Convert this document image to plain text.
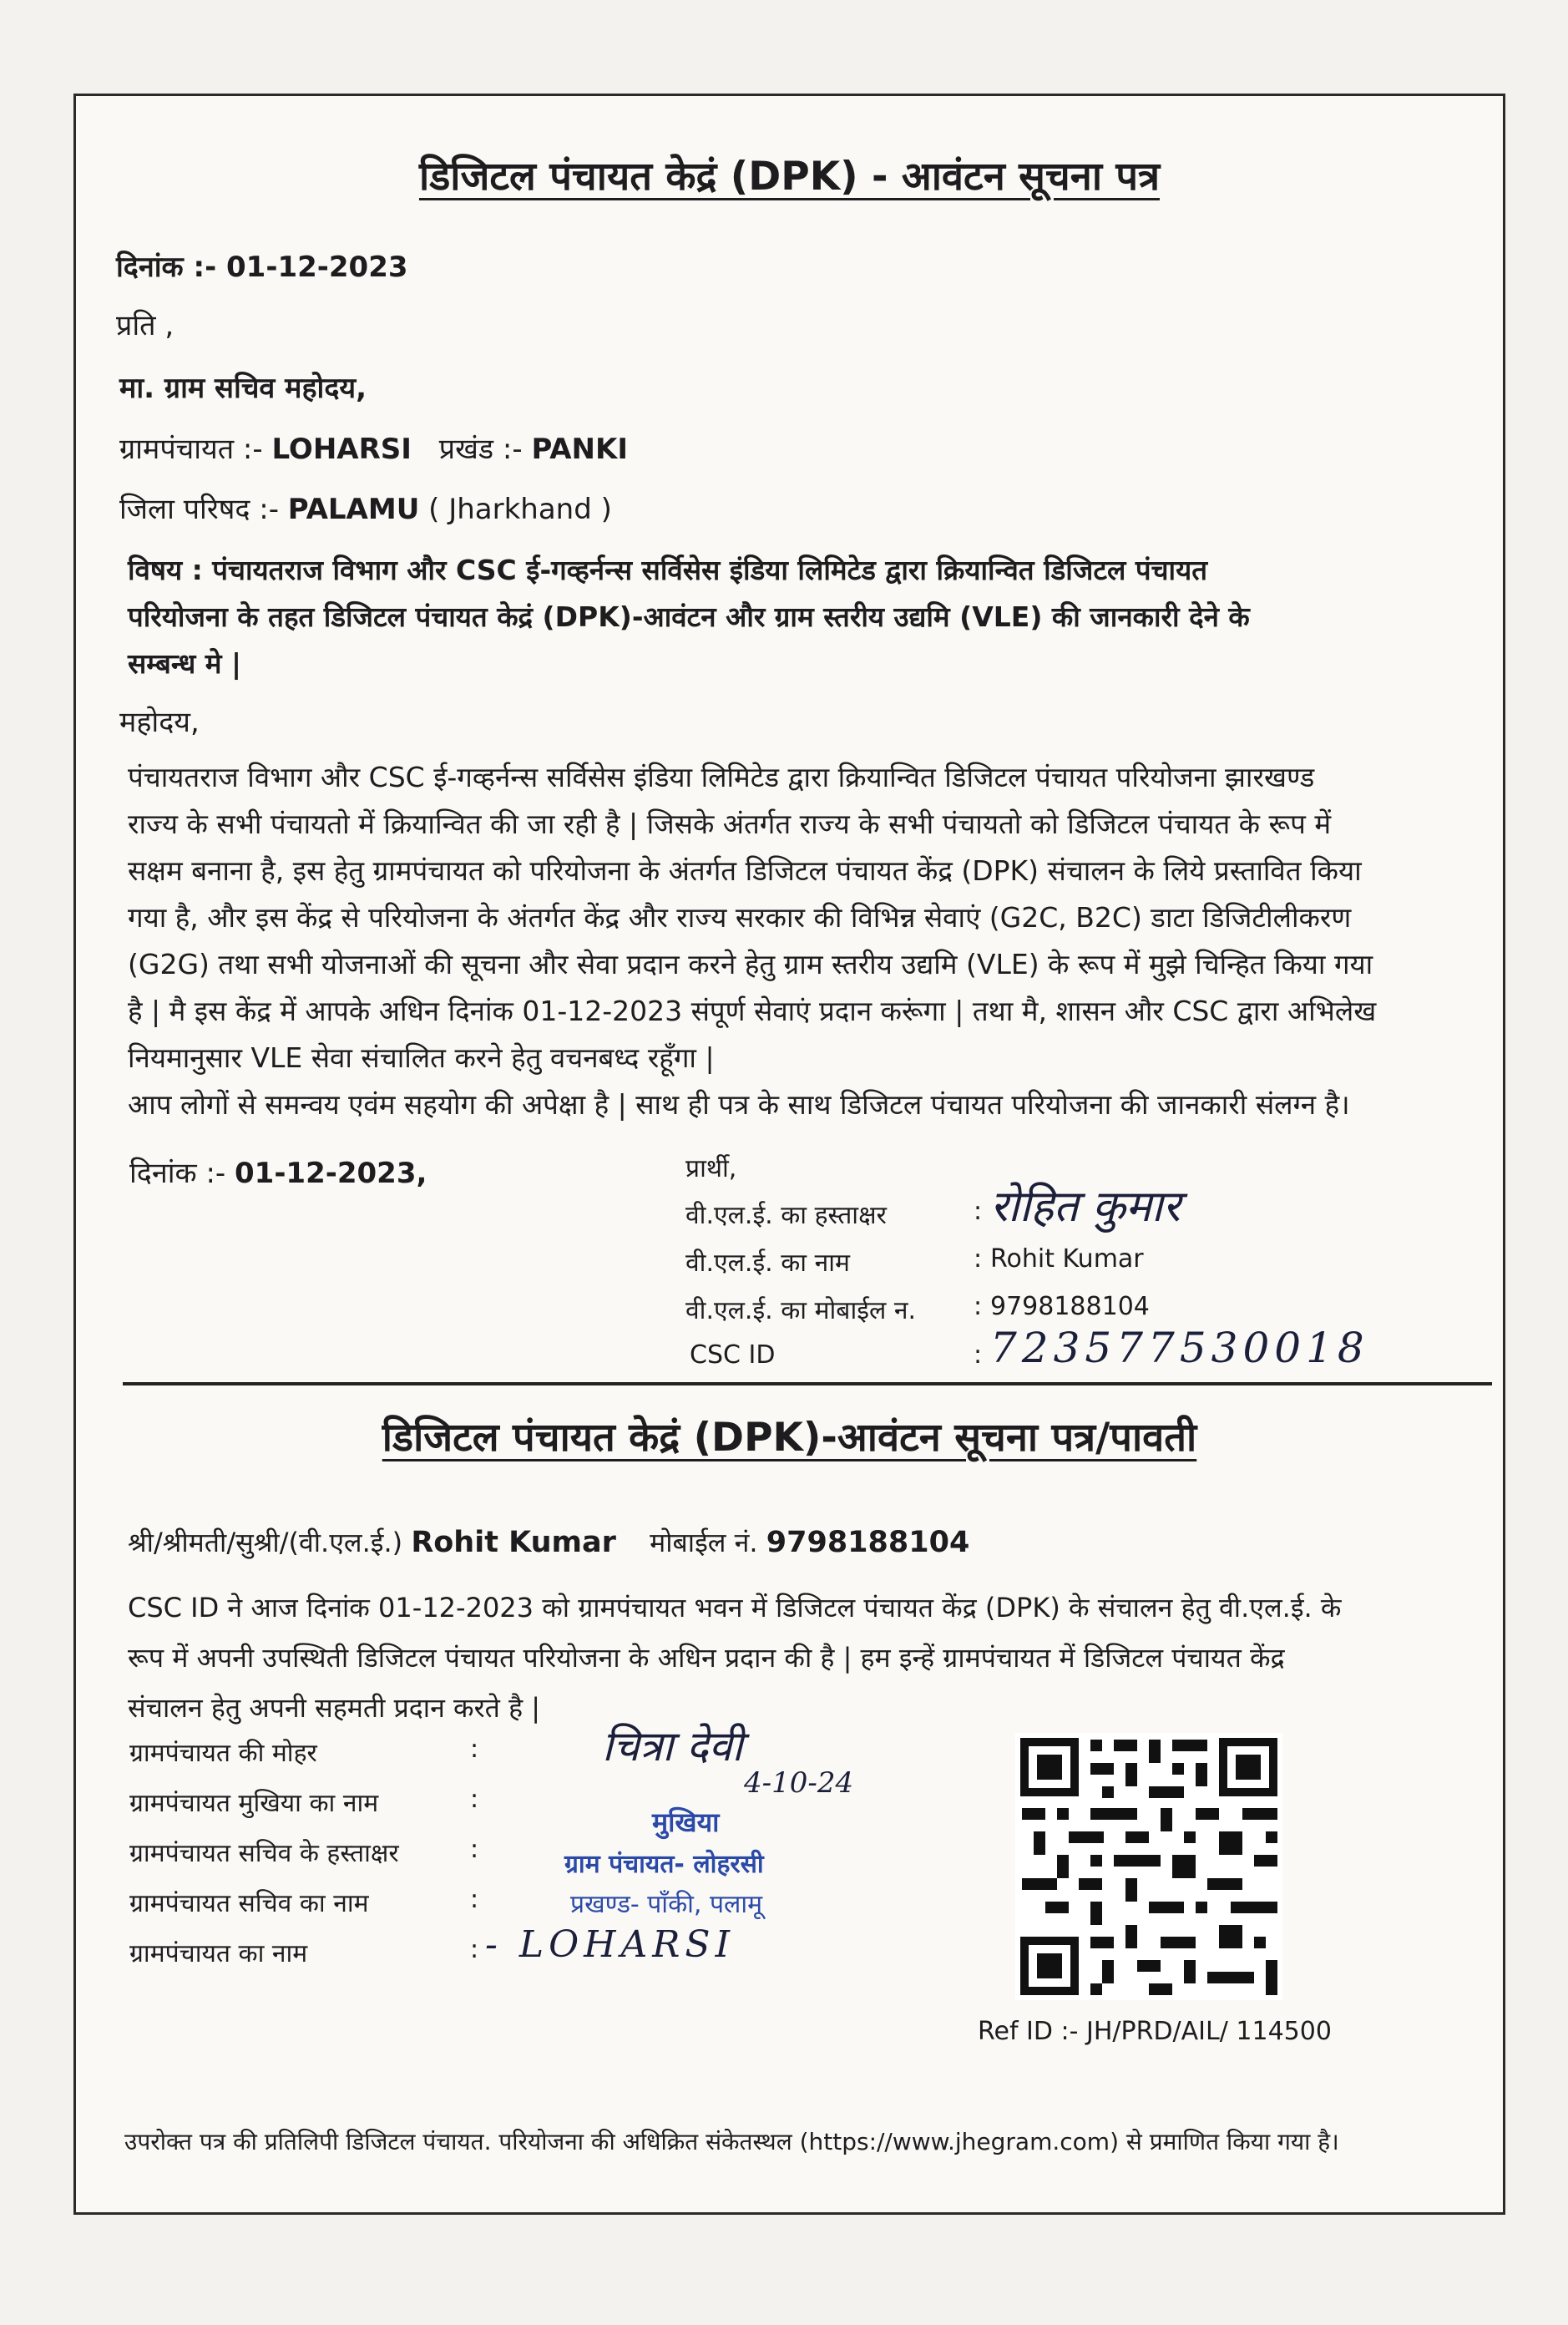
डिजिटल पंचायत केद्रं (DPK) - आवंटन सूचना पत्र
दिनांक :- 01-12-2023
प्रति ,
मा. ग्राम सचिव महोदय,
ग्रामपंचायत :- LOHARSI प्रखंड :- PANKI
जिला परिषद :- PALAMU ( Jharkhand )
विषय : पंचायतराज विभाग और CSC ई-गव्हर्नन्स सर्विसेस इंडिया लिमिटेड द्वारा क्रियान्वित डिजिटल पंचायत
परियोजना के तहत डिजिटल पंचायत केद्रं (DPK)-आवंटन और ग्राम स्तरीय उद्यमि (VLE) की जानकारी देने के
सम्बन्ध मे |
महोदय,
पंचायतराज विभाग और CSC ई-गव्हर्नन्स सर्विसेस इंडिया लिमिटेड द्वारा क्रियान्वित डिजिटल पंचायत परियोजना झारखण्ड
राज्य के सभी पंचायतो में क्रियान्वित की जा रही है | जिसके अंतर्गत राज्य के सभी पंचायतो को डिजिटल पंचायत के रूप में
सक्षम बनाना है, इस हेतु ग्रामपंचायत को परियोजना के अंतर्गत डिजिटल पंचायत केंद्र (DPK) संचालन के लिये प्रस्तावित किया
गया है, और इस केंद्र से परियोजना के अंतर्गत केंद्र और राज्य सरकार की विभिन्न सेवाएं (G2C, B2C) डाटा डिजिटीलीकरण
(G2G) तथा सभी योजनाओं की सूचना और सेवा प्रदान करने हेतु ग्राम स्तरीय उद्यमि (VLE) के रूप में मुझे चिन्हित किया गया
है | मै इस केंद्र में आपके अधिन दिनांक 01-12-2023 संपूर्ण सेवाएं प्रदान करूंगा | तथा मै, शासन और CSC द्वारा अभिलेख
नियमानुसार VLE सेवा संचालित करने हेतु वचनबध्द रहूँगा |
आप लोगों से समन्वय एवंम सहयोग की अपेक्षा है | साथ ही पत्र के साथ डिजिटल पंचायत परियोजना की जानकारी संलग्न है।
दिनांक :- 01-12-2023,	प्रार्थी,
वी.एल.ई. का हस्ताक्षर	: रोहित कुमार
वी.एल.ई. का नाम	: Rohit Kumar
वी.एल.ई. का मोबाईल न. : 9798188104
CSC ID	: 723577530018
डिजिटल पंचायत केद्रं (DPK)-आवंटन सूचना पत्र/पावती
श्री/श्रीमती/सुश्री/(वी.एल.ई.) Rohit Kumar मोबाईल नं. 9798188104
CSC ID ने आज दिनांक 01-12-2023 को ग्रामपंचायत भवन में डिजिटल पंचायत केंद्र (DPK) के संचालन हेतु वी.एल.ई. के
रूप में अपनी उपस्थिती डिजिटल पंचायत परियोजना के अधिन प्रदान की है | हम इन्हें ग्रामपंचायत में डिजिटल पंचायत केंद्र
संचालन हेतु अपनी सहमती प्रदान करते है |
ग्रामपंचायत की मोहर	:
ग्रामपंचायत मुखिया का नाम	:
ग्रामपंचायत सचिव के हस्ताक्षर	:
ग्रामपंचायत सचिव का नाम	:
ग्रामपंचायत का नाम	: - LOHARSI
चित्रा देवी
4-10-24
मुखिया
ग्राम पंचायत- लोहरसी
प्रखण्ड- पाँकी, पलामू
Ref ID :- JH/PRD/AIL/ 114500
उपरोक्त पत्र की प्रतिलिपी डिजिटल पंचायत. परियोजना की अधिक्रित संकेतस्थल (https://www.jhegram.com) से प्रमाणित किया गया है।
